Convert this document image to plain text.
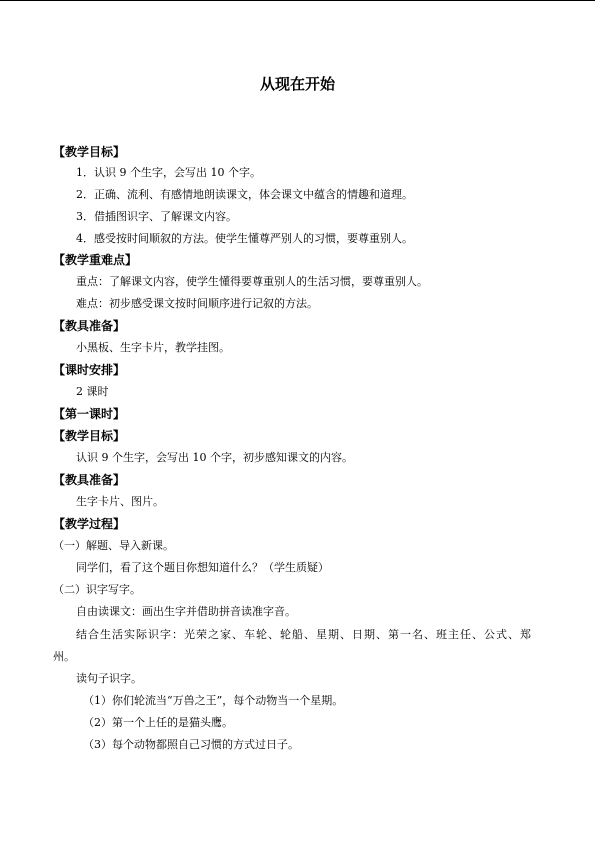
从现在开始
【教学目标】
1．认识 9 个生字，会写出 10 个字。
2．正确、流利、有感情地朗读课文，体会课文中蕴含的情趣和道理。
3．借插图识字、了解课文内容。
4．感受按时间顺叙的方法。使学生懂尊严别人的习惯，要尊重别人。
【教学重难点】
重点：了解课文内容，使学生懂得要尊重别人的生活习惯，要尊重别人。
难点：初步感受课文按时间顺序进行记叙的方法。
【教具准备】
小黑板、生字卡片，教学挂图。
【课时安排】
2 课时
【第一课时】
【教学目标】
认识 9 个生字，会写出 10 个字，初步感知课文的内容。
【教具准备】
生字卡片、图片。
【教学过程】
（一）解题、导入新课。
同学们，看了这个题目你想知道什么？（学生质疑）
（二）识字写字。
自由读课文：画出生字并借助拼音读准字音。
结合生活实际识字：光荣之家、车轮、轮船、星期、日期、第一名、班主任、公式、郑
州。
读句子识字。
（1）你们轮流当“万兽之王”，每个动物当一个星期。
（2）第一个上任的是猫头鹰。
（3）每个动物都照自己习惯的方式过日子。
